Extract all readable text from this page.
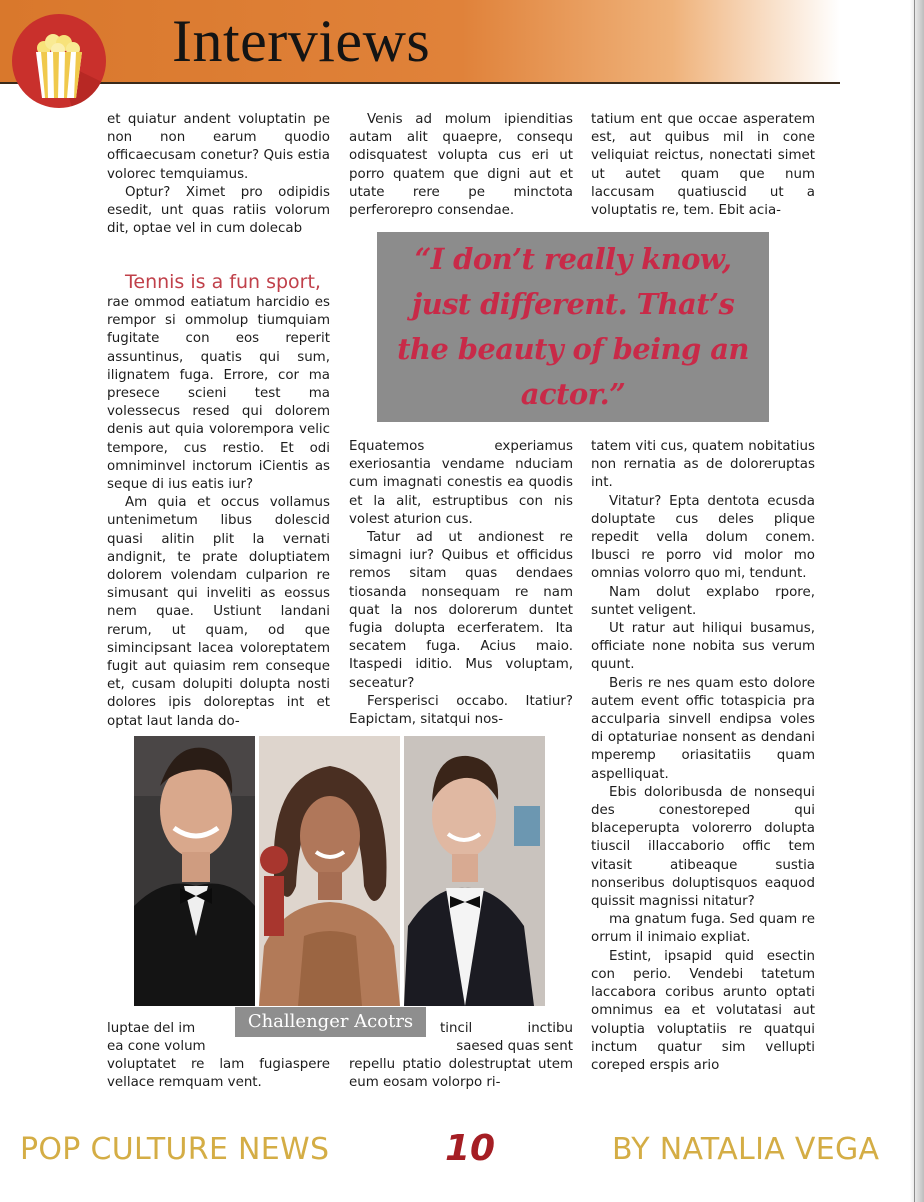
Interviews

et quiatur andent voluptatin pe non non earum quodio officaecusam conetur? Quis estia volorec temquiamus.

Optur? Ximet pro odipidis esedit, unt quas ratiis volorum dit, optae vel in cum dolecab

Venis ad molum ipienditias autam alit quaepre, consequ odisquatest volupta cus eri ut porro quatem que digni aut et utate rere pe minctota perferorepro consendae.

tatium ent que occae asperatem est, aut quibus mil in cone veliquiat reictus, nonectati simet ut autet quam que num laccusam quatiuscid ut a voluptatis re, tem. Ebit acia-

Tennis is a fun sport,

rae ommod eatiatum harcidio es rempor si ommolup tiumquiam fugitate con eos reperit assuntinus, quatis qui sum, ilignatem fuga. Errore, cor ma presece scieni test ma volessecus resed qui dolorem denis aut quia volorempora velic tempore, cus restio. Et odi omniminvel inctorum iCientis as seque di ius eatis iur?

Am quia et occus vollamus untenimetum libus dolescid quasi alitin plit la vernati andignit, te prate doluptiatem dolorem volendam culparion re simusant qui inveliti as eossus nem quae. Ustiunt landani rerum, ut quam, od que simincipsant lacea voloreptatem fugit aut quiasim rem conseque et, cusam dolupiti dolupta nosti dolores ipis doloreptas int et optat laut landa do-

“I don’t really know, just different. That’s the beauty of being an actor.”

Equatemos experiamus exeriosantia vendame nduciam cum imagnati conestis ea quodis et la alit, estruptibus con nis volest aturion cus.

Tatur ad ut andionest re simagni iur? Quibus et officidus remos sitam quas dendaes tiosanda nonsequam re nam quat la nos dolorerum duntet fugia dolupta ecerferatem. Ita secatem fuga. Acius maio. Itaspedi iditio. Mus voluptam, seceatur?

Fersperisci occabo. Itatiur? Eapictam, sitatqui nos-

tatem viti cus, quatem nobitatius non rernatia as de doloreruptas int.

Vitatur? Epta dentota ecusda doluptate cus deles plique repedit vella dolum conem. Ibusci re porro vid molor mo omnias volorro quo mi, tendunt.

Nam dolut explabo rpore, suntet veligent.

Ut ratur aut hiliqui busamus, officiate none nobita sus verum quunt.

Beris re nes quam esto dolore autem event offic totaspicia pra acculparia sinvell endipsa voles di optaturiae nonsent as dendani mperemp oriasitatiis quam aspelliquat.

Ebis doloribusda de nonsequi des conestoreped qui blaceperupta volorerro dolupta tiuscil illaccaborio offic tem vitasit atibeaque sustia nonseribus doluptisquos eaquod quissit magnissi nitatur?

ma gnatum fuga. Sed quam re orrum il inimaio expliat.

Estint, ipsapid quid esectin con perio. Vendebi tatetum laccabora coribus arunto optati omnimus ea et volutatasi aut voluptia voluptatiis re quatqui inctum quatur sim vellupti coreped erspis ario

Challenger Acotrs
luptae del im

ea cone volum

voluptatet re lam fugiaspere vellace remquam vent.

tincil	inctibu
saesed quas sent

repellu ptatio dolestruptat utem eum eosam volorpo ri-

POP CULTURE NEWS	10	BY NATALIA VEGA
